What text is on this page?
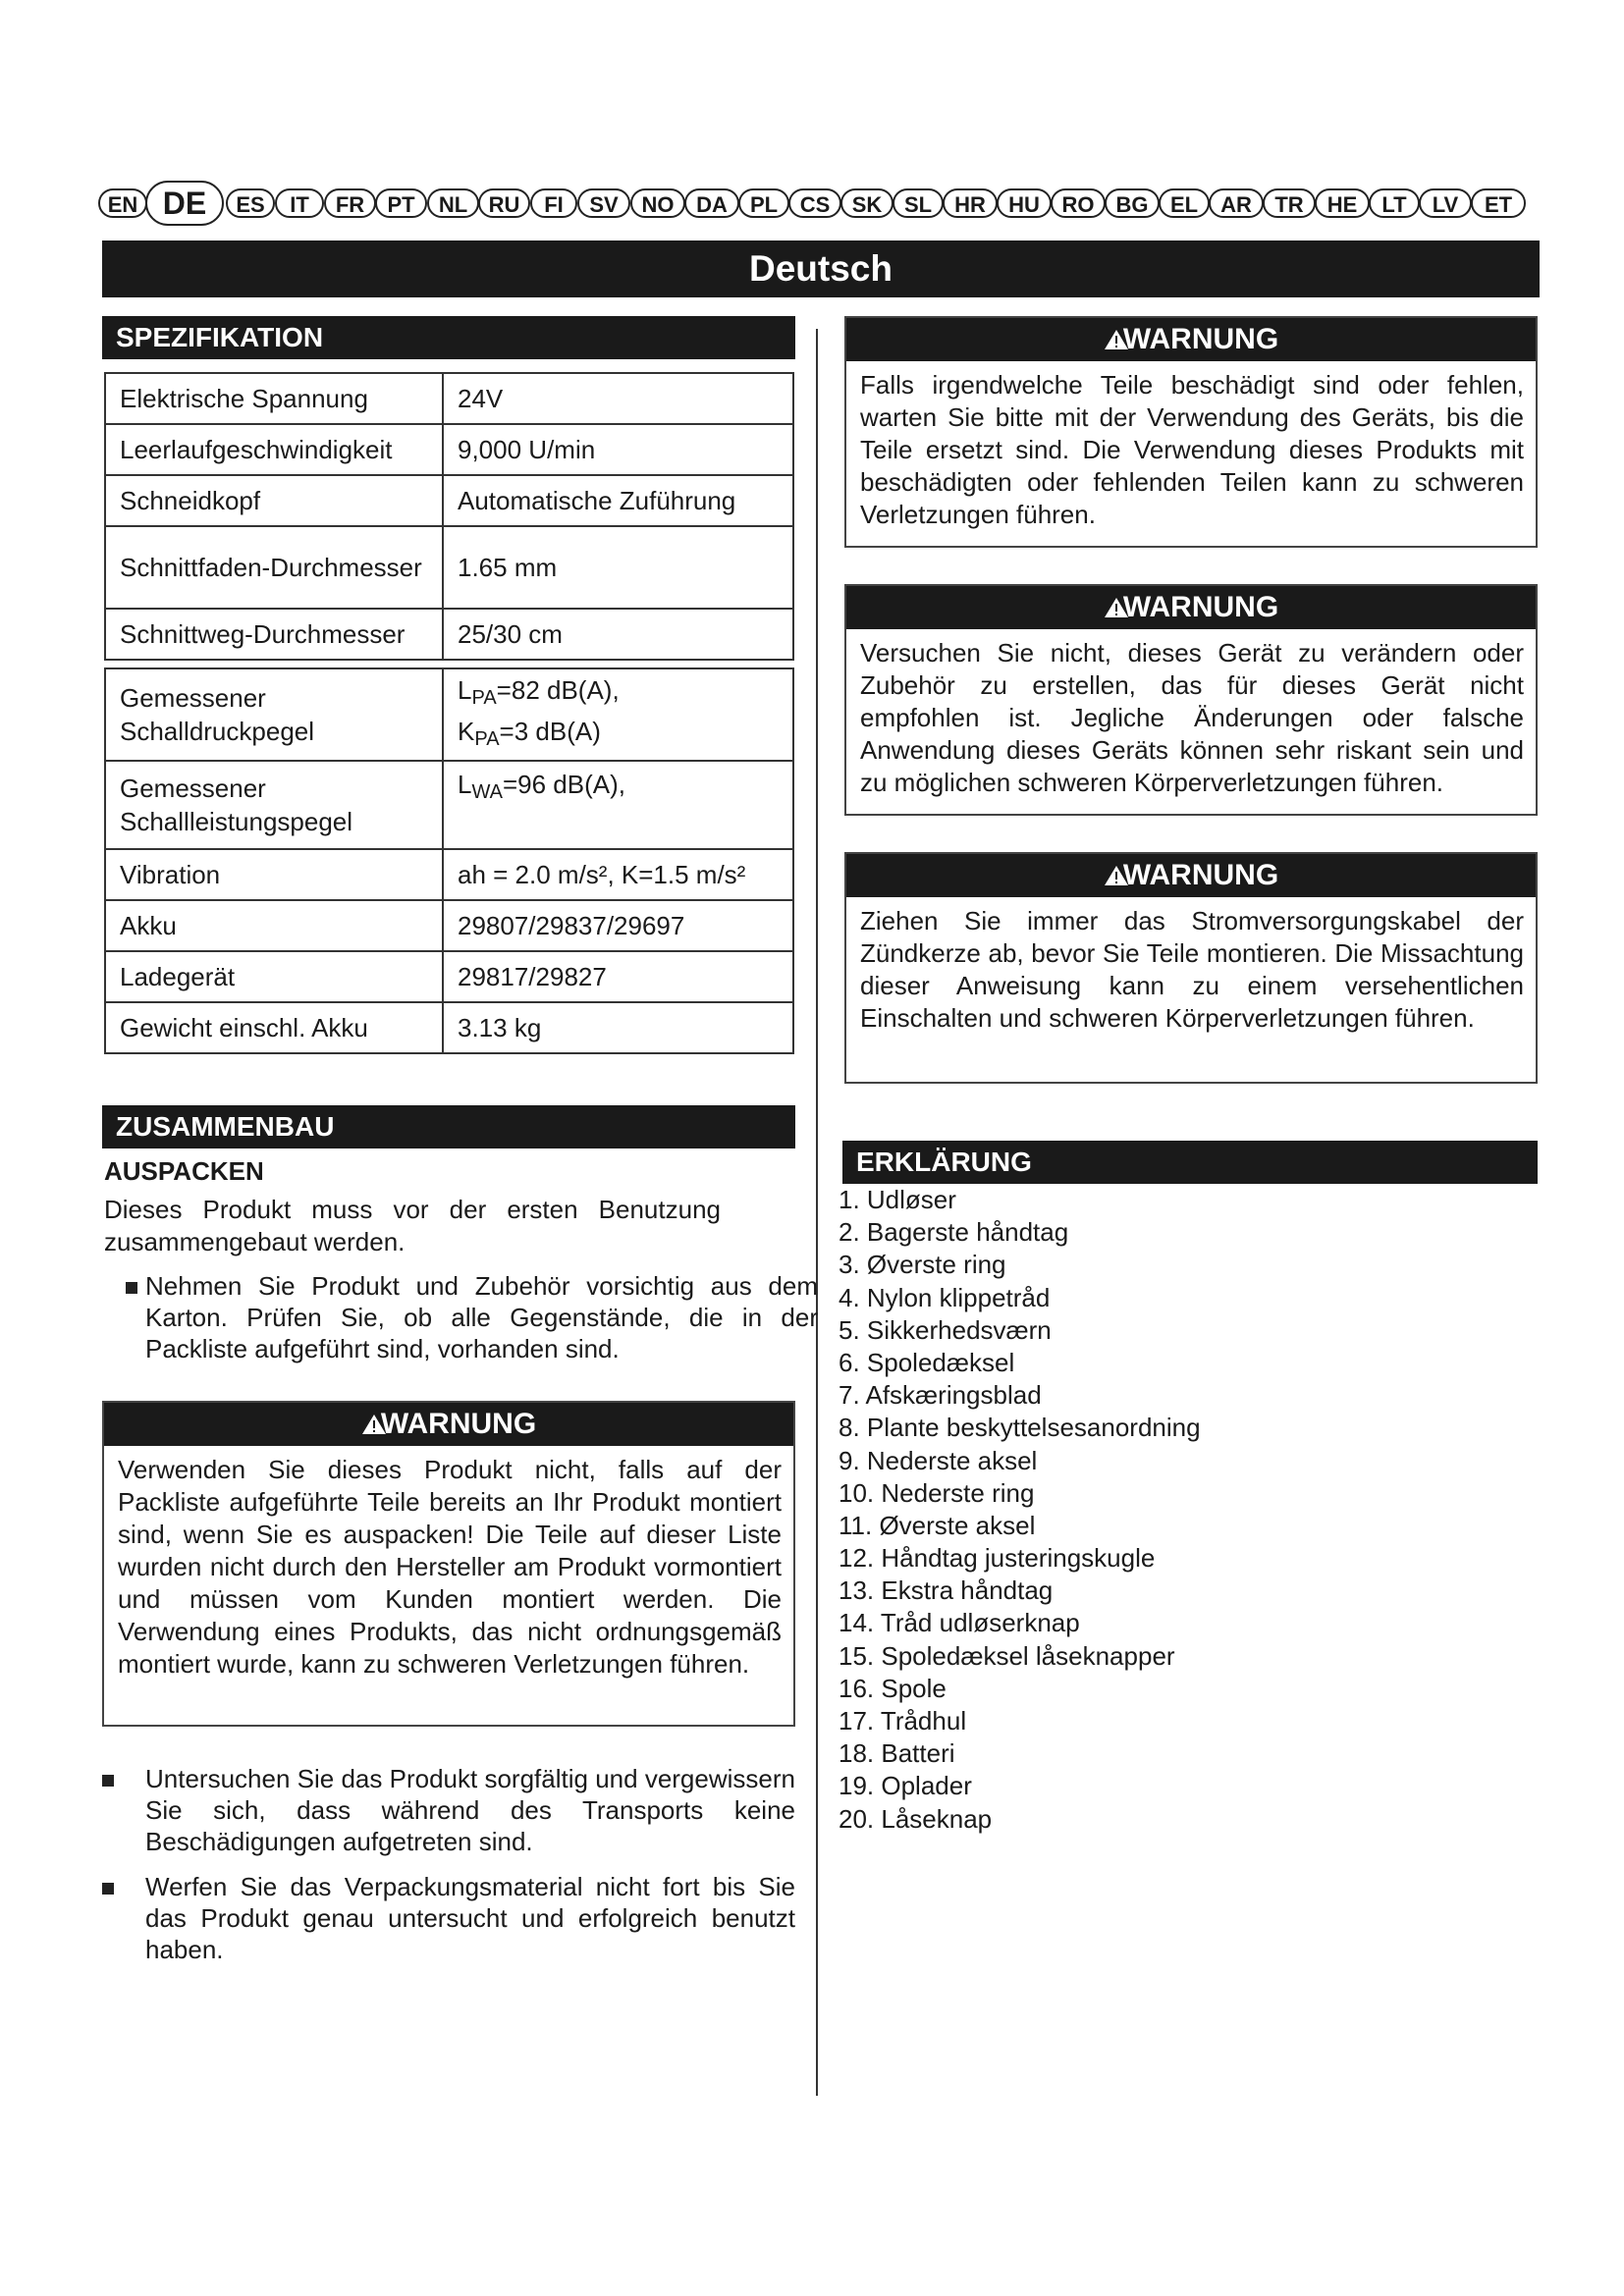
EN DE	ES	IT	FR	PT	NL RU	FI	SV	NO	DA	PL	CS	SK	SL	HR	HU	RO	BG	EL	AR	TR	HE	LT	LV	ET
Deutsch
SPEZIFIKATION
Elektrische Spannung	24V
Leerlaufgeschwindigkeit	9,000 U/min
Schneidkopf	Automatische Zuführung
Schnittfaden-Durchmesser	1.65 mm
Schnittweg-Durchmesser	25/30 cm
Gemessener Schalldruckpegel	$L_{PA}=82$ dB(A),
$K_{PA}=3$ dB(A)

Gemessener Schallleistungspegel	$L_{WA}=96$ dB(A),

Vibration	ah = 2.0 m/s², K=1.5 m/s²
Akku	29807/29837/29697
Ladegerät	29817/29827
Gewicht einschl. Akku	3.13 kg
ZUSAMMENBAU
AUSPACKEN

Dieses Produkt muss vor der ersten Benutzung zusammengebaut werden.

Nehmen Sie Produkt und Zubehör vorsichtig aus dem Karton. Prüfen Sie, ob alle Gegenstände, die in der Packliste aufgeführt sind, vorhanden sind.
WARNUNG
Verwenden Sie dieses Produkt nicht, falls auf der Packliste aufgeführte Teile bereits an Ihr Produkt montiert sind, wenn Sie es auspacken! Die Teile auf dieser Liste wurden nicht durch den Hersteller am Produkt vormontiert und müssen vom Kunden montiert werden. Die Verwendung eines Produkts, das nicht ordnungsgemäß montiert wurde, kann zu schweren Verletzungen führen.
Untersuchen Sie das Produkt sorgfältig und vergewissern Sie sich, dass während des Transports keine Beschädigungen aufgetreten sind.
Werfen Sie das Verpackungsmaterial nicht fort bis Sie das Produkt genau untersucht und erfolgreich benutzt haben.
WARNUNG
Falls irgendwelche Teile beschädigt sind oder fehlen, warten Sie bitte mit der Verwendung des Geräts, bis die Teile ersetzt sind. Die Verwendung dieses Produkts mit beschädigten oder fehlenden Teilen kann zu schweren Verletzungen führen.
WARNUNG
Versuchen Sie nicht, dieses Gerät zu verändern oder Zubehör zu erstellen, das für dieses Gerät nicht empfohlen ist. Jegliche Änderungen oder falsche Anwendung dieses Geräts können sehr riskant sein und zu möglichen schweren Körperverletzungen führen.
WARNUNG
Ziehen Sie immer das Stromversorgungskabel der Zündkerze ab, bevor Sie Teile montieren. Die Missachtung dieser Anweisung kann zu einem versehentlichen Einschalten und schweren Körperverletzungen führen.
ERKLÄRUNG
1. Udløser
2. Bagerste håndtag
3. Øverste ring
4. Nylon klippetråd
5. Sikkerhedsværn
6. Spoledæksel
7. Afskæringsblad
8. Plante beskyttelsesanordning
9. Nederste aksel
10. Nederste ring
11. Øverste aksel
12. Håndtag justeringskugle
13. Ekstra håndtag
14. Tråd udløserknap
15. Spoledæksel låseknapper
16. Spole
17. Trådhul
18. Batteri
19. Oplader
20. Låseknap
